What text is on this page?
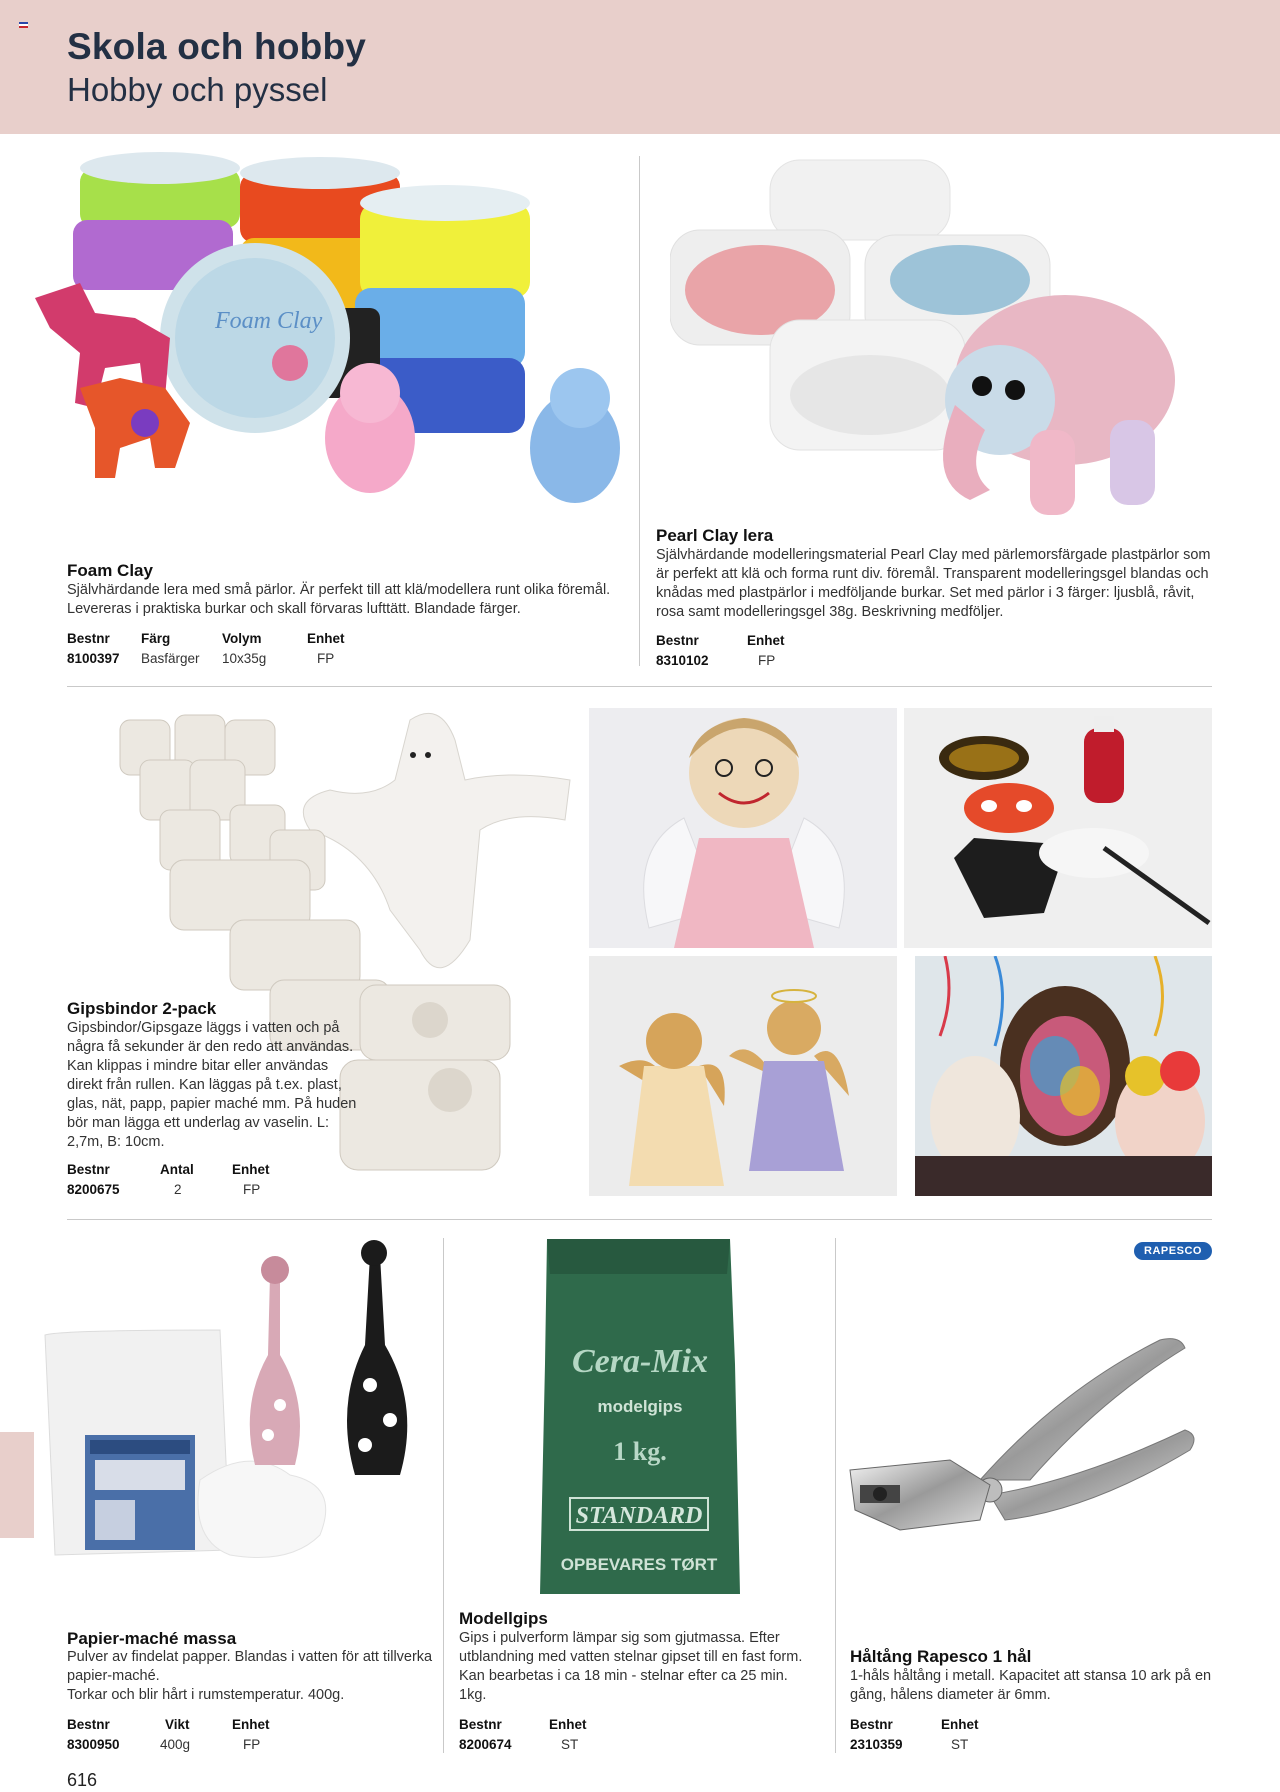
Skola och hobby
Hobby och pyssel
Foam Clay
Foam Clay
Självhärdande lera med små pärlor. Är perfekt till att klä/modellera runt olika föremål. Levereras i praktiska burkar och skall förvaras lufttätt. Blandade färger.
Bestnr Färg	Volym	Enhet
8100397 Basfärger 10x35g	FP
Pearl Clay lera
Självhärdande modelleringsmaterial Pearl Clay med pärlemorsfärgade plastpärlor som är perfekt att klä och forma runt div. föremål. Transparent modelleringsgel blandas och knådas med plastpärlor i medföljande burkar. Set med pärlor i 3 färger: ljusblå, råvit, rosa samt modelleringsgel 38g. Beskrivning medföljer.
Bestnr	Enhet
8310102	FP
Gipsbindor 2-pack
Gipsbindor/Gipsgaze läggs i vatten och på några få sekunder är den redo att användas. Kan klippas i mindre bitar eller användas direkt från rullen. Kan läggas på t.ex. plast, glas, nät, papp, papier maché mm. På huden bör man lägga ett underlag av vaselin. L: 2,7m, B: 10cm.
Bestnr	Antal	Enhet
8200675	2	FP
Papier-maché massa
Pulver av findelat papper. Blandas i vatten för att tillverka papier-maché.
Torkar och blir hårt i rumstemperatur. 400g.
Bestnr	Vikt	Enhet
8300950	400g	FP
Cera-Mix
modelgips
1 kg.
STANDARD
OPBEVARES TØRT
Modellgips
Gips i pulverform lämpar sig som gjutmassa. Efter utblandning med vatten stelnar gipset till en fast form. Kan bearbetas i ca 18 min - stelnar efter ca 25 min. 1kg.
Bestnr	Enhet
8200674	ST
RAPESCO
Håltång Rapesco 1 hål
1-håls håltång i metall. Kapacitet att stansa 10 ark på en gång, hålens diameter är 6mm.
Bestnr	Enhet
2310359	ST
616
